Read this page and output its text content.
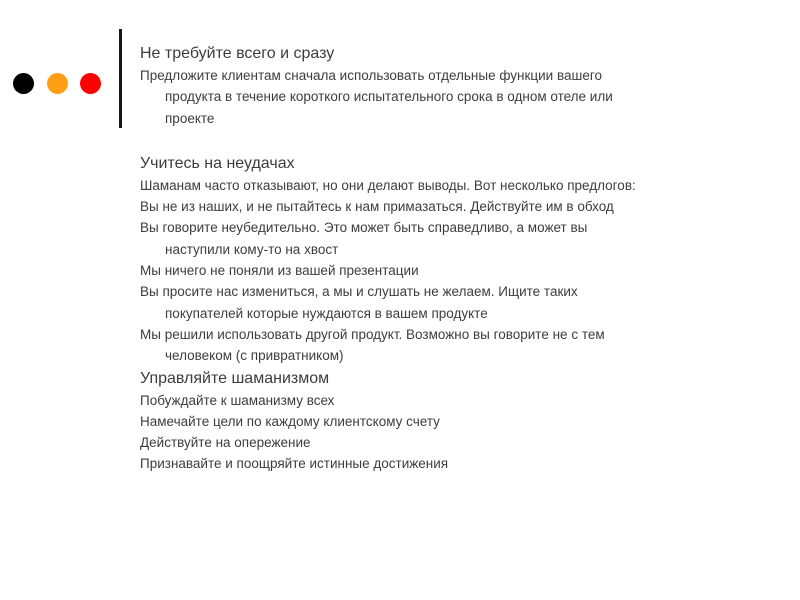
Не требуйте всего и сразу
Предложите клиентам сначала использовать отдельные функции вашего
продукта в течение короткого испытательного срока в одном отеле или
проекте
Учитесь на неудачах
Шаманам часто отказывают, но они делают выводы. Вот несколько предлогов:
Вы не из наших, и не пытайтесь к нам примазаться. Действуйте им в обход
Вы говорите неубедительно. Это может быть справедливо, а может вы
наступили кому-то на хвост
Мы ничего не поняли из вашей презентации
Вы просите нас измениться, а мы и слушать не желаем. Ищите таких
покупателей которые нуждаются в вашем продукте
Мы решили использовать другой продукт. Возможно вы говорите не с тем
человеком (с привратником)
Управляйте шаманизмом
Побуждайте к шаманизму всех
Намечайте цели по каждому клиентскому счету
Действуйте на опережение
Признавайте и поощряйте истинные достижения
